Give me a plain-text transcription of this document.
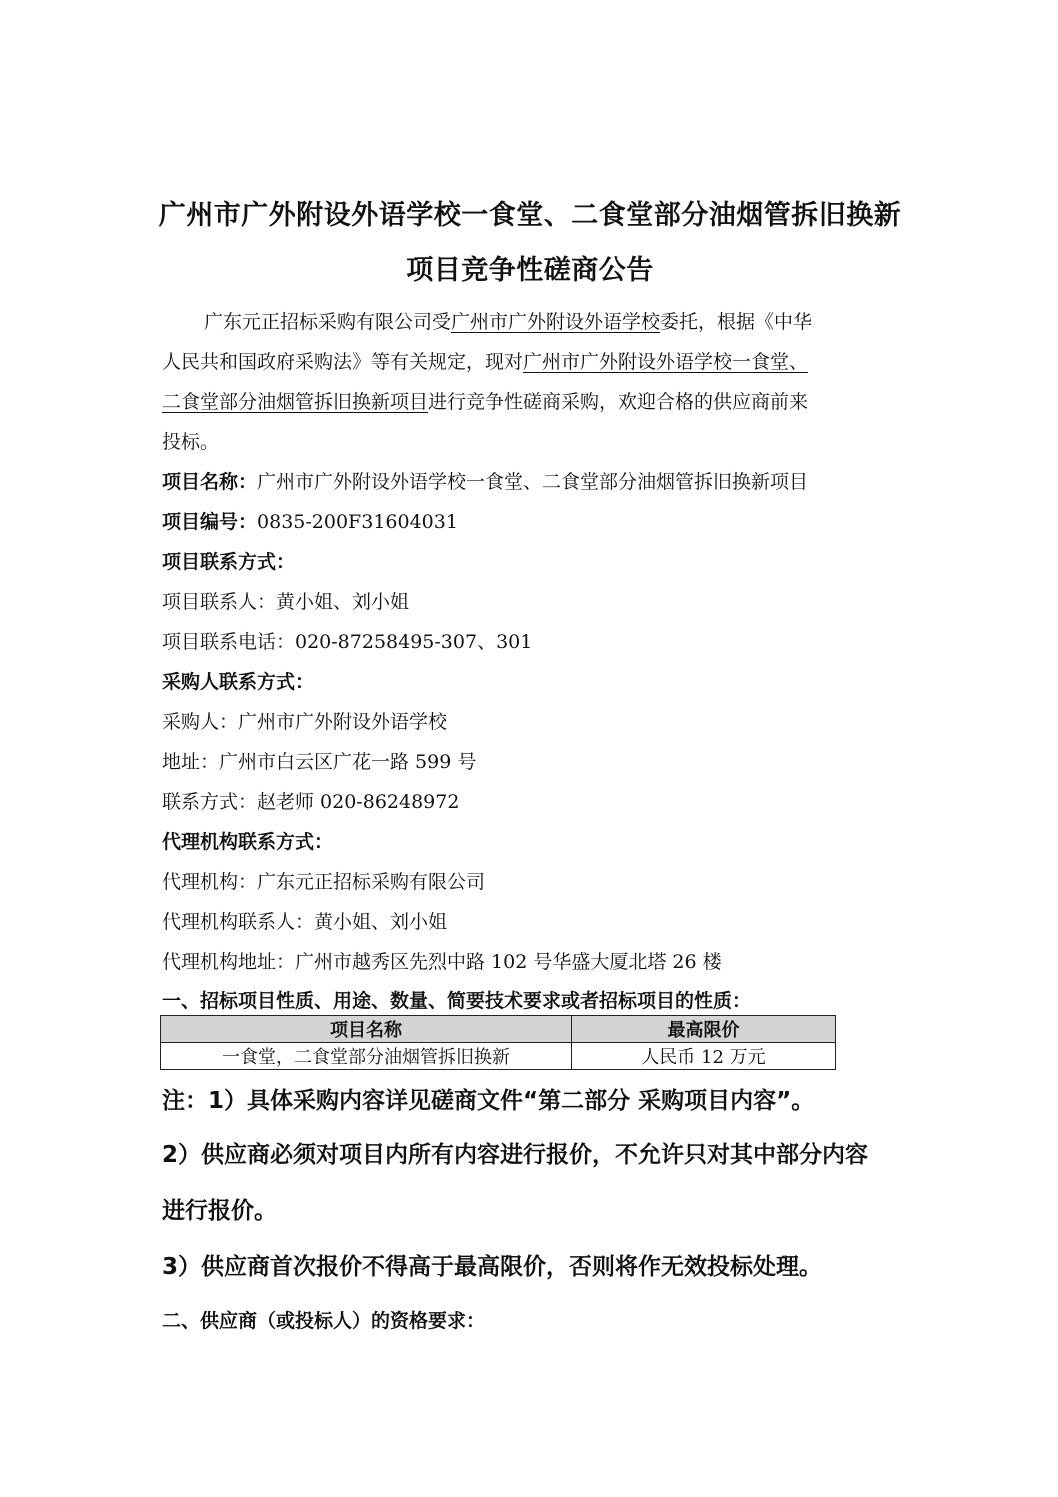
广州市广外附设外语学校一食堂、二食堂部分油烟管拆旧换新
项目竞争性磋商公告
广东元正招标采购有限公司受广州市广外附设外语学校委托，根据《中华
人民共和国政府采购法》等有关规定，现对广州市广外附设外语学校一食堂、
二食堂部分油烟管拆旧换新项目进行竞争性磋商采购，欢迎合格的供应商前来
投标。
项目名称：广州市广外附设外语学校一食堂、二食堂部分油烟管拆旧换新项目
项目编号：0835-200F31604031
项目联系方式：
项目联系人：黄小姐、刘小姐
项目联系电话：020-87258495-307、301
采购人联系方式：
采购人：广州市广外附设外语学校
地址：广州市白云区广花一路 599 号
联系方式：赵老师 020-86248972
代理机构联系方式：
代理机构：广东元正招标采购有限公司
代理机构联系人：黄小姐、刘小姐
代理机构地址：广州市越秀区先烈中路 102 号华盛大厦北塔 26 楼
一、招标项目性质、用途、数量、简要技术要求或者招标项目的性质：
项目名称	最高限价
一食堂，二食堂部分油烟管拆旧换新	人民币 12 万元
注：1）具体采购内容详见磋商文件“第二部分 采购项目内容”。
2）供应商必须对项目内所有内容进行报价，不允许只对其中部分内容
进行报价。
3）供应商首次报价不得高于最高限价，否则将作无效投标处理。
二、供应商（或投标人）的资格要求：
